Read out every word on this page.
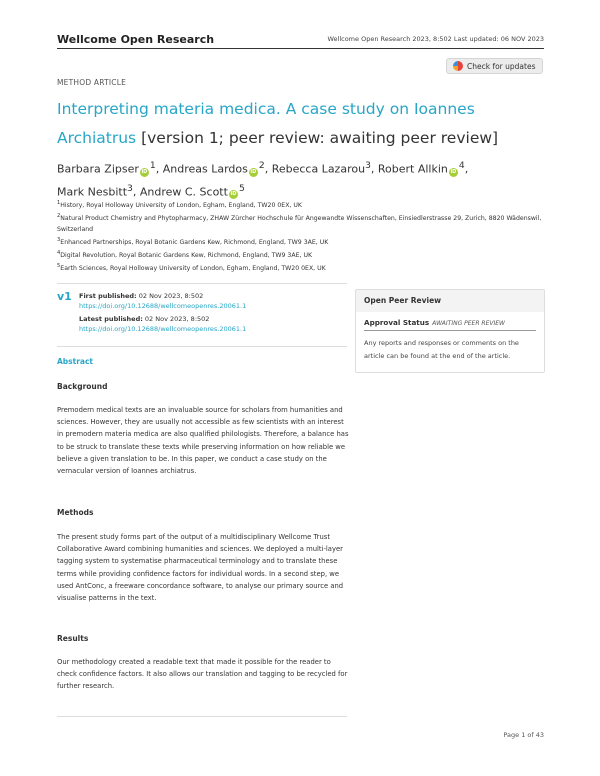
Wellcome Open Research	Wellcome Open Research 2023, 8:502 Last updated: 06 NOV 2023
METHOD ARTICLE
Check for updates
Interpreting materia medica. A case study on Ioannes
Archiatrus [version 1; peer review: awaiting peer review]
Barbara Zipser $iD^1$, Andreas Lardos $iD^2$, Rebecca Lazarou$^3$, Robert Allkin $iD^4$,
Mark Nesbitt$^3$, Andrew C. Scott $iD^5$
$^1$History, Royal Holloway University of London, Egham, England, TW20 0EX, UK
$^2$Natural Product Chemistry and Phytopharmacy, ZHAW Zürcher Hochschule für Angewandte Wissenschaften, Einsiedlerstrasse 29, Zurich, 8820 Wädenswil, Switzerland
$^3$Enhanced Partnerships, Royal Botanic Gardens Kew, Richmond, England, TW9 3AE, UK
$^4$Digital Revolution, Royal Botanic Gardens Kew, Richmond, England, TW9 3AE, UK
$^5$Earth Sciences, Royal Holloway University of London, Egham, England, TW20 0EX, UK
v1 First published: 02 Nov 2023, 8:502
https://doi.org/10.12688/wellcomeopenres.20061.1
Latest published: 02 Nov 2023, 8:502
https://doi.org/10.12688/wellcomeopenres.20061.1
Open Peer Review
Approval Status AWAITING PEER REVIEW
Any reports and responses or comments on the article can be found at the end of the article.
Abstract
Background
Premodern medical texts are an invaluable source for scholars from humanities and sciences. However, they are usually not accessible as few scientists with an interest in premodern materia medica are also qualified philologists. Therefore, a balance has to be struck to translate these texts while preserving information on how reliable we believe a given translation to be. In this paper, we conduct a case study on the vernacular version of Ioannes archiatrus.
Methods
The present study forms part of the output of a multidisciplinary Wellcome Trust Collaborative Award combining humanities and sciences. We deployed a multi-layer tagging system to systematise pharmaceutical terminology and to translate these terms while providing confidence factors for individual words. In a second step, we used AntConc, a freeware concordance software, to analyse our primary source and visualise patterns in the text.
Results
Our methodology created a readable text that made it possible for the reader to check confidence factors. It also allows our translation and tagging to be recycled for further research.
Page 1 of 43
